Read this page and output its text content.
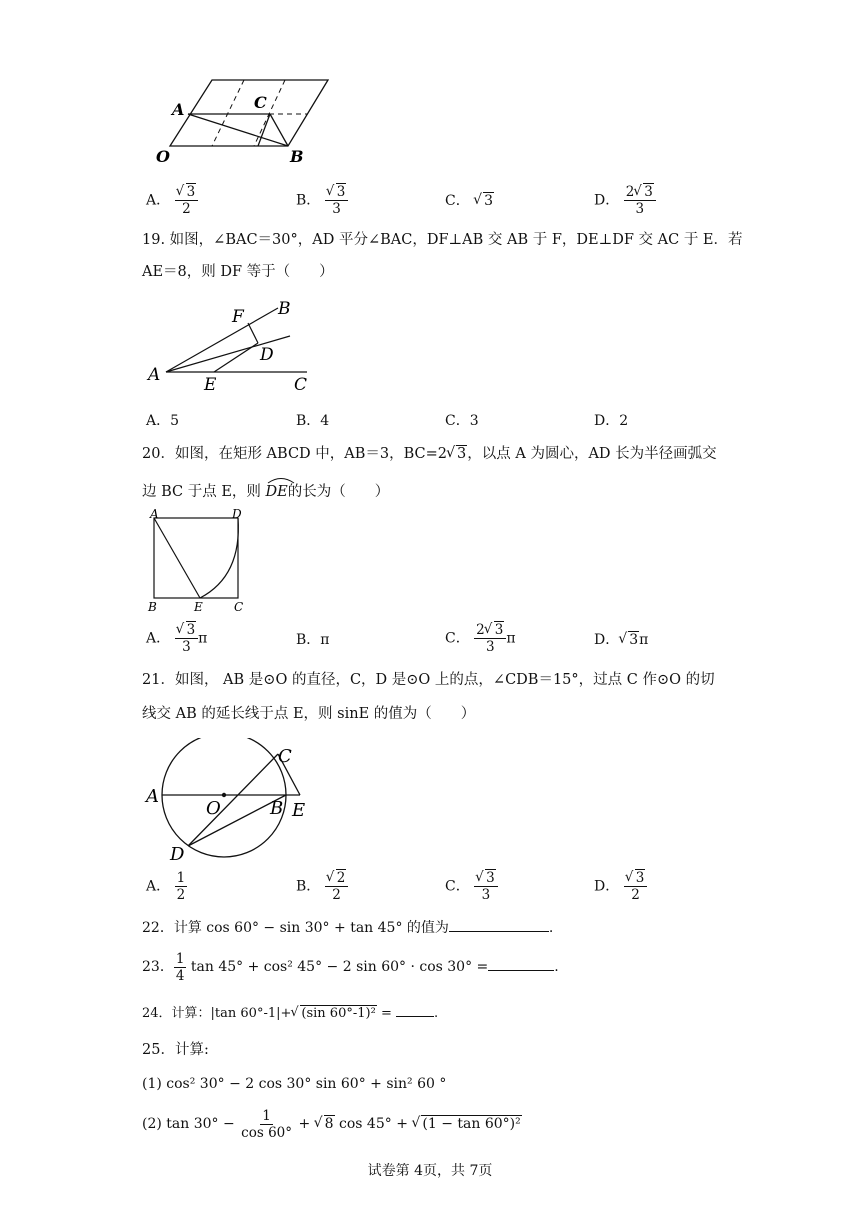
A	C
O	B
A． √ $\frac{3}{2}$	B． √ $\frac{3}{3}$	C． √ 3	D． $\frac{2 √ 3}{3}$
19. 如图，∠BAC＝30°，AD 平分∠BAC，DF⊥AB 交 AB 于 F，DE⊥DF 交 AC 于 E．若
AE＝8，则 DF 等于（　　）
A
B
F
D
E	C
A．5	B．4	C．3	D．2
20．如图，在矩形 ABCD 中，AB＝3，BC=2 √ 3，以点 A 为圆心，AD 长为半径画弧交
边 BC 于点 E，则 DE的长为（　　）
A	D
B	E	C
A． √ $\frac{3}{3}$ π	B．π	C． $\frac{2 √ 3}{3}$ π	D． √ 3π
21．如图， AB 是⊙O 的直径，C，D 是⊙O 上的点，∠CDB＝15°，过点 C 作⊙O 的切
线交 AB 的延长线于点 E，则 sinE 的值为（　　）
A
O	B E
C
D
A． $\frac{1}{2}$	B． √ $\frac{2}{2}$	C． √ $\frac{3}{3}$	D． √ $\frac{3}{2}$
22．计算 cos 60° − sin 30° + tan 45° 的值为	.
23． $\frac{1}{4}$ tan 45° + cos² 45° − 2 sin 60° · cos 30° =	.
24．计算：|tan 60°-1|+ √ (sin 60°-1)² =	.
25．计算:
(1) cos² 30° − 2 cos 30° sin 60° + sin² 60 °
(2) $\tan 30^\circ - \frac{1}{\cos 60^\circ}$ + √ 8 cos 45° + √ (1 − tan 60°)²
试卷第 4页，共 7页
